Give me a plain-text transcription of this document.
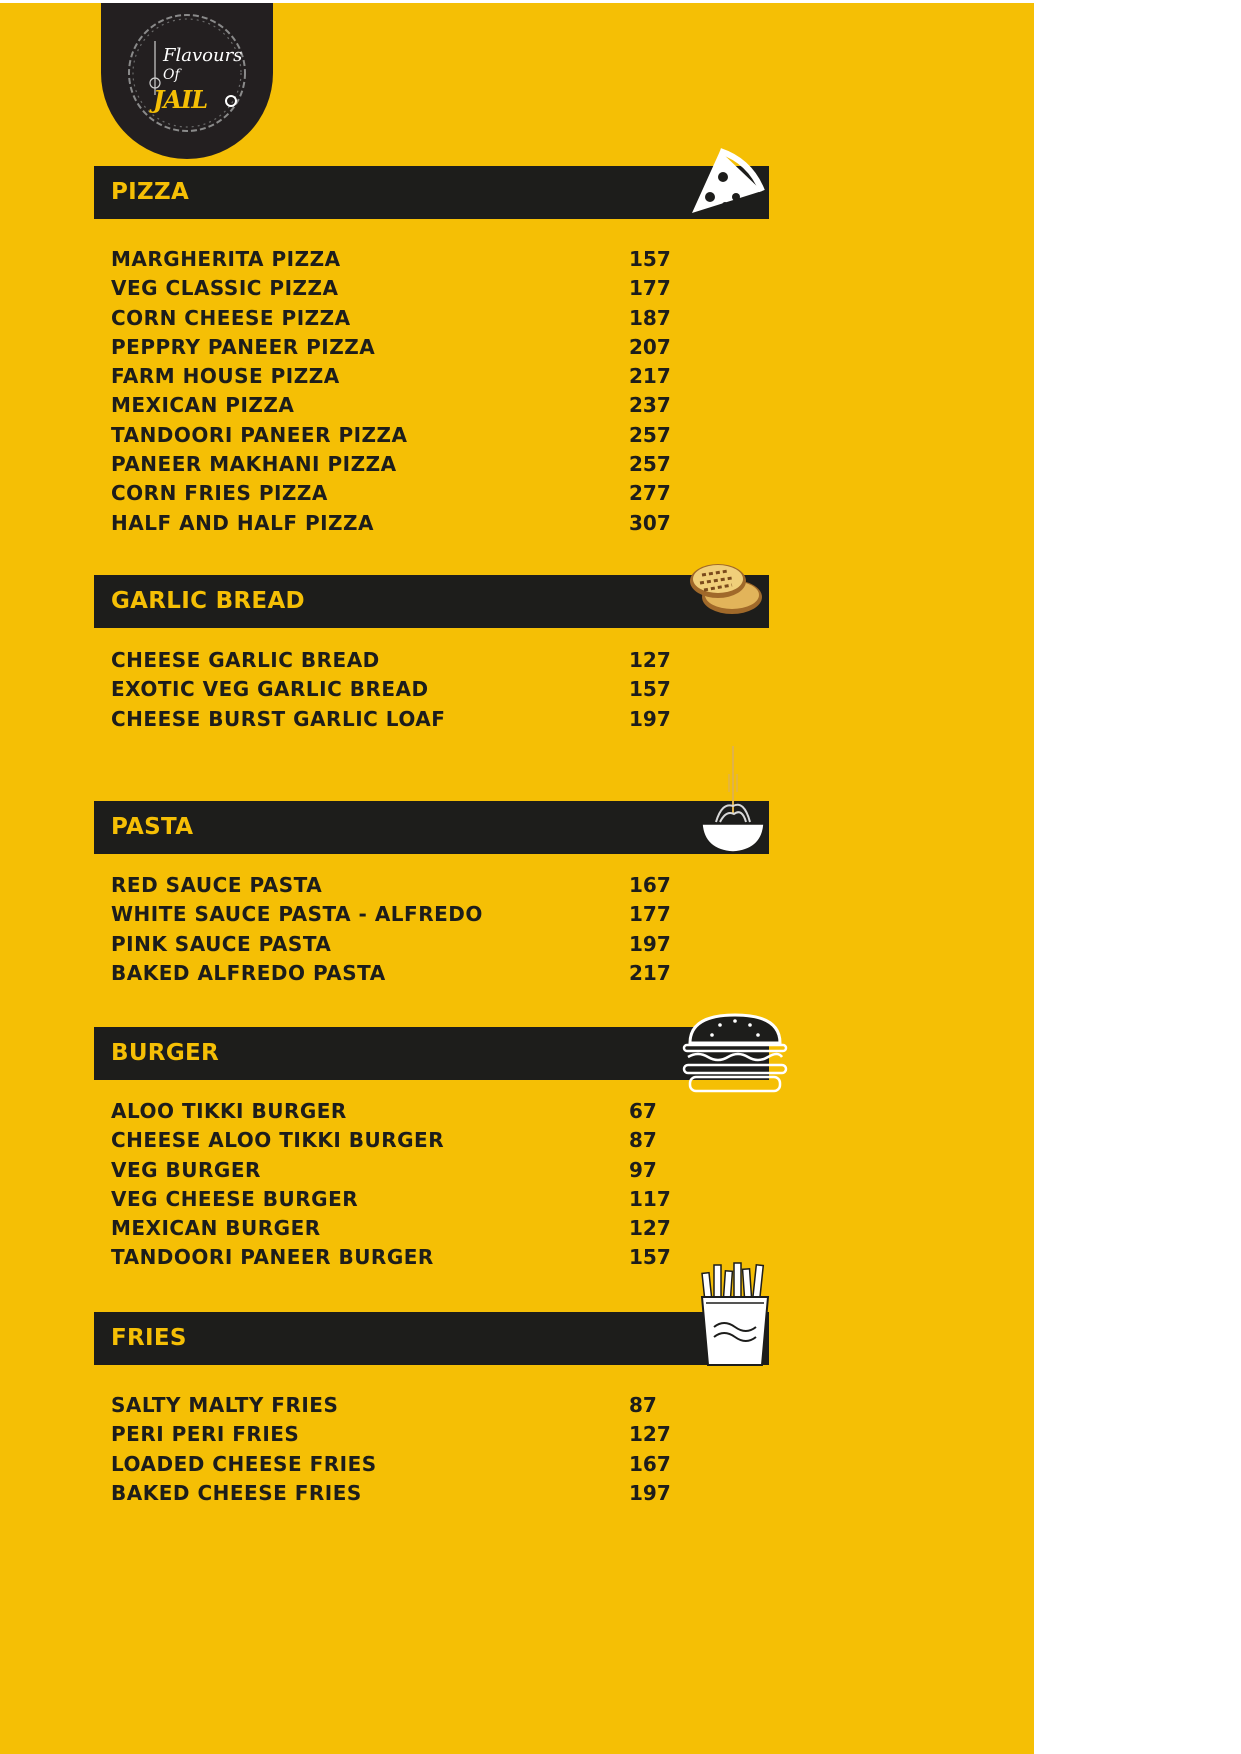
Flavours
Of
JAIL
PIZZA
MARGHERITA PIZZA	157
VEG CLASSIC PIZZA	177
CORN CHEESE PIZZA	187
PEPPRY PANEER PIZZA	207
FARM HOUSE PIZZA	217
MEXICAN PIZZA	237
TANDOORI PANEER PIZZA	257
PANEER MAKHANI PIZZA	257
CORN FRIES PIZZA	277
HALF AND HALF PIZZA	307
GARLIC BREAD
CHEESE GARLIC BREAD	127
EXOTIC VEG GARLIC BREAD	157
CHEESE BURST GARLIC LOAF	197
PASTA
RED SAUCE PASTA	167
WHITE SAUCE PASTA - ALFREDO	177
PINK SAUCE PASTA	197
BAKED ALFREDO PASTA	217
BURGER
ALOO TIKKI BURGER	67
CHEESE ALOO TIKKI BURGER	87
VEG BURGER	97
VEG CHEESE BURGER	117
MEXICAN BURGER	127
TANDOORI PANEER BURGER	157
FRIES
SALTY MALTY FRIES	87
PERI PERI FRIES	127
LOADED CHEESE FRIES	167
BAKED CHEESE FRIES	197
